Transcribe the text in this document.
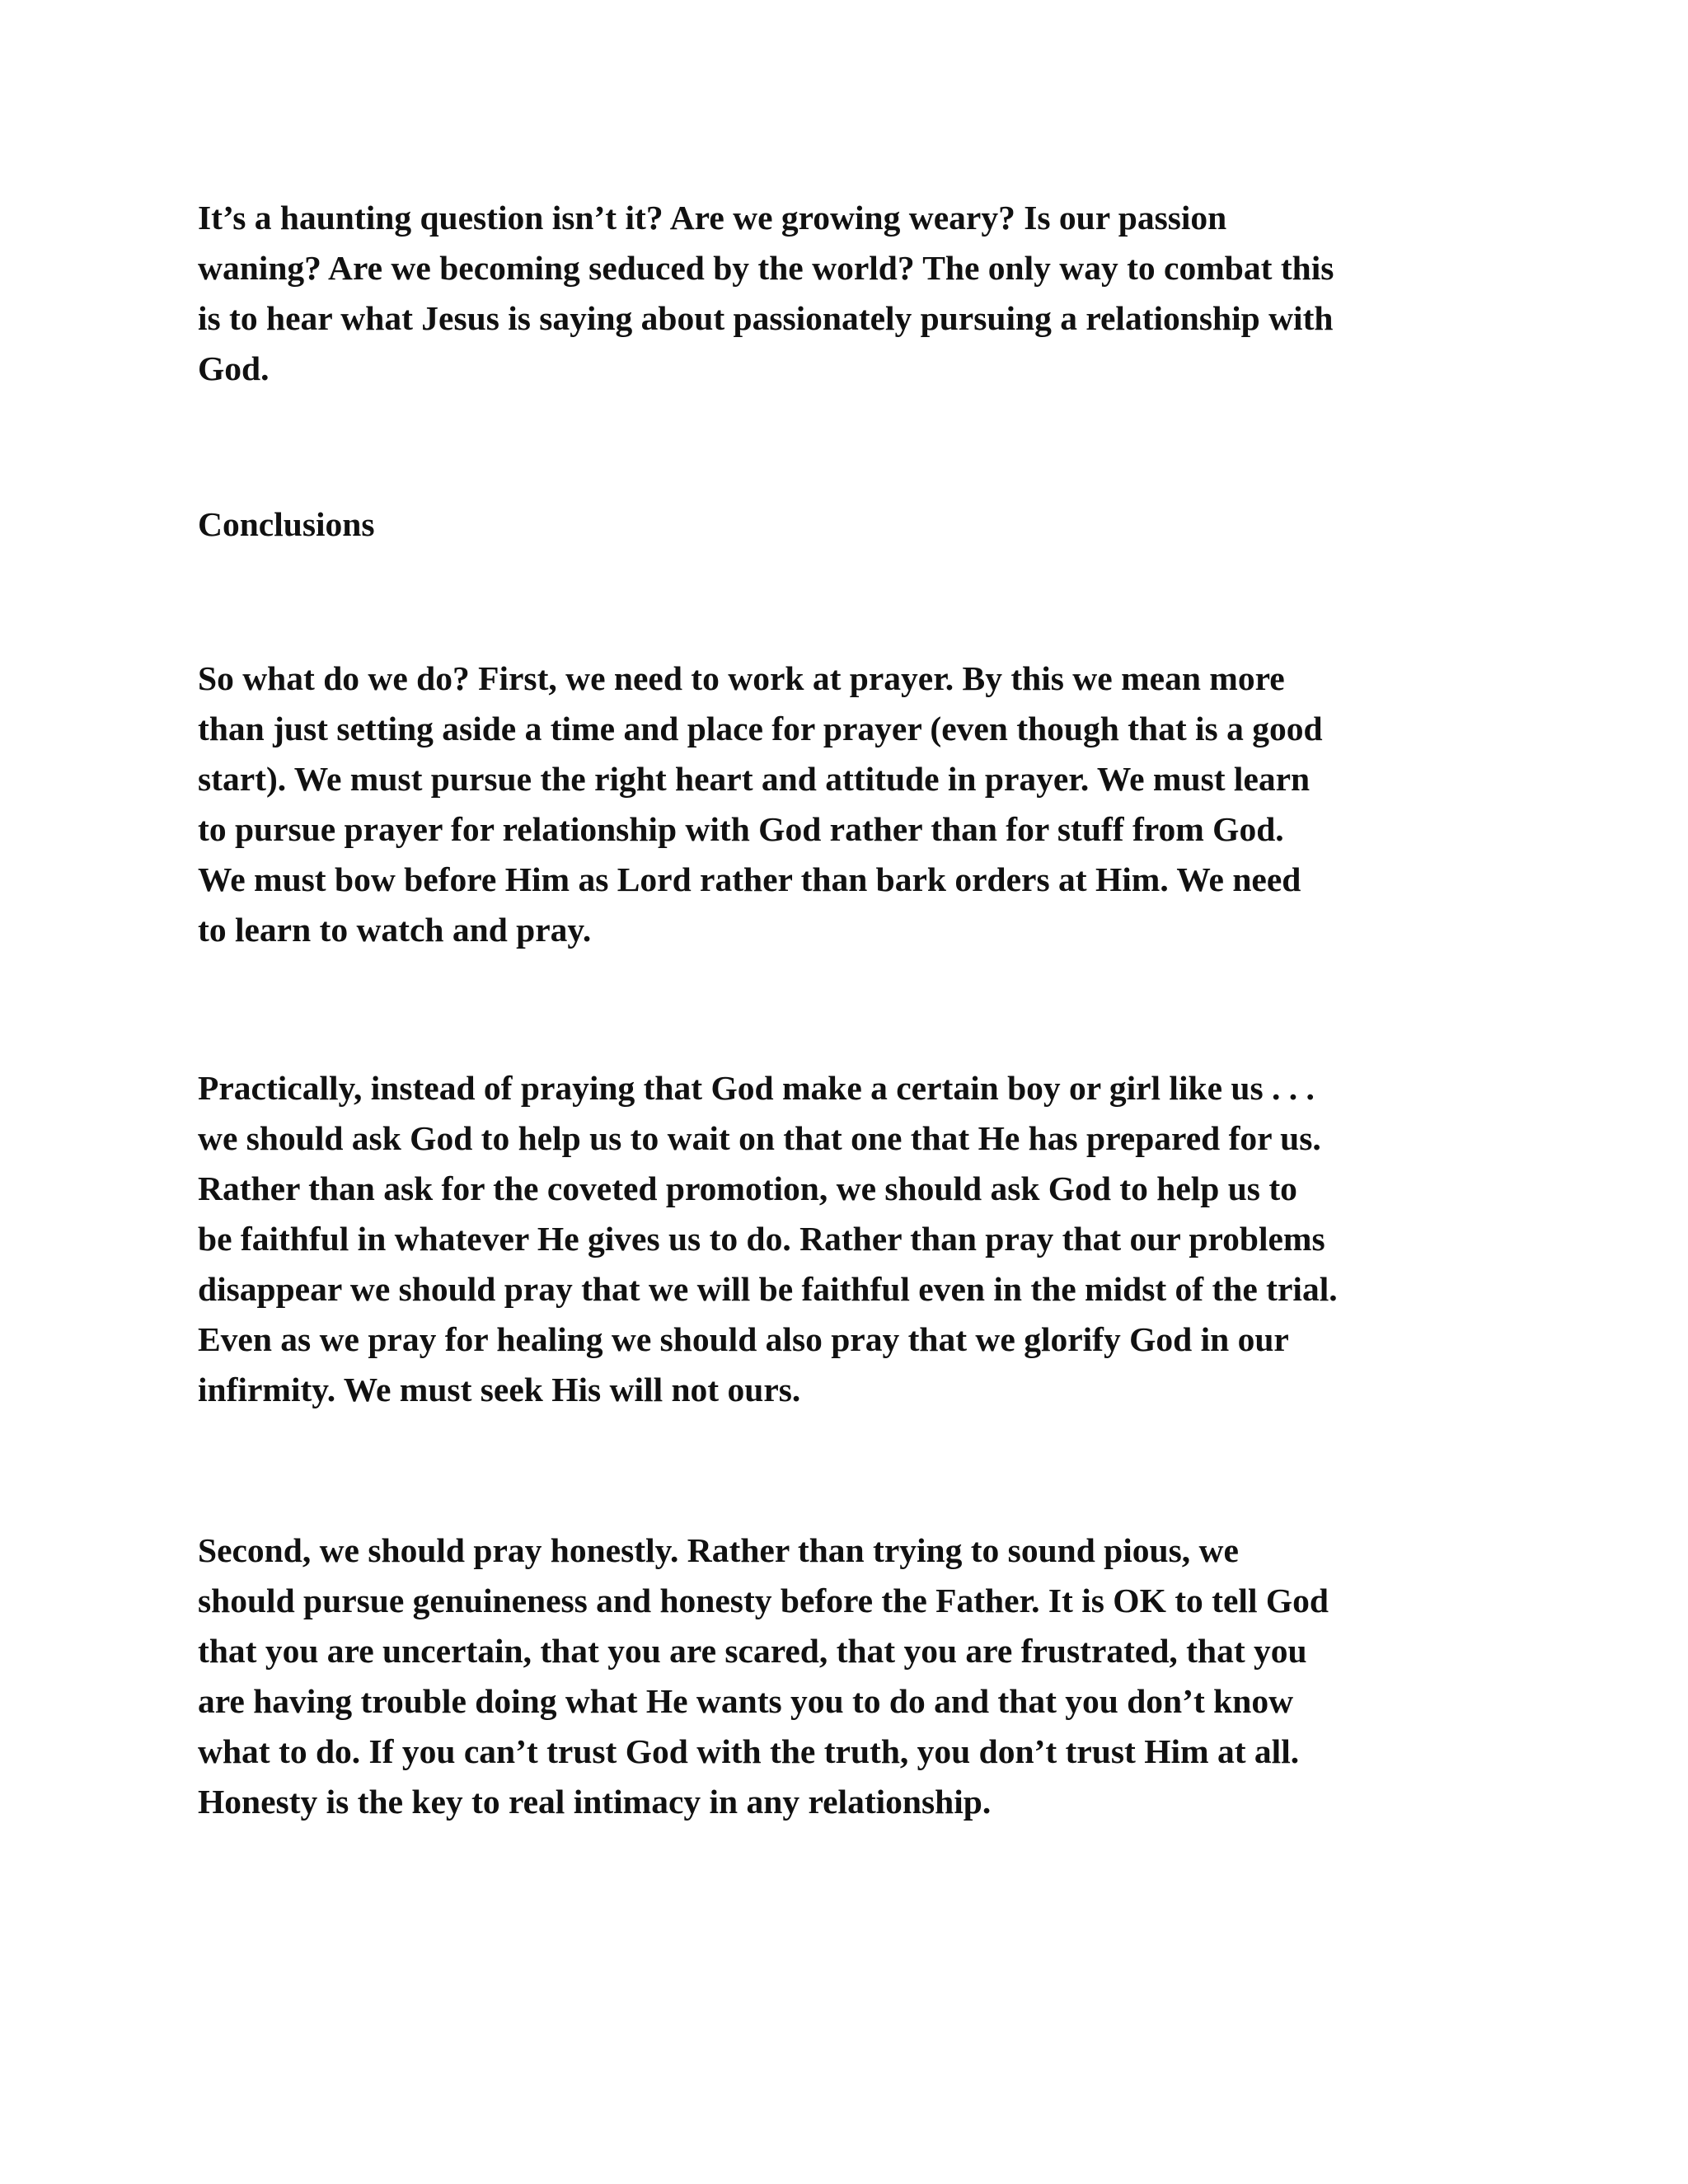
It’s a haunting question isn’t it? Are we growing weary? Is our passion
waning? Are we becoming seduced by the world? The only way to combat this
is to hear what Jesus is saying about passionately pursuing a relationship with
God.
Conclusions
So what do we do? First, we need to work at prayer. By this we mean more
than just setting aside a time and place for prayer (even though that is a good
start). We must pursue the right heart and attitude in prayer. We must learn
to pursue prayer for relationship with God rather than for stuff from God.
We must bow before Him as Lord rather than bark orders at Him. We need
to learn to watch and pray.
Practically, instead of praying that God make a certain boy or girl like us . . .
we should ask God to help us to wait on that one that He has prepared for us.
Rather than ask for the coveted promotion, we should ask God to help us to
be faithful in whatever He gives us to do. Rather than pray that our problems
disappear we should pray that we will be faithful even in the midst of the trial.
Even as we pray for healing we should also pray that we glorify God in our
infirmity. We must seek His will not ours.
Second, we should pray honestly. Rather than trying to sound pious, we
should pursue genuineness and honesty before the Father. It is OK to tell God
that you are uncertain, that you are scared, that you are frustrated, that you
are having trouble doing what He wants you to do and that you don’t know
what to do. If you can’t trust God with the truth, you don’t trust Him at all.
Honesty is the key to real intimacy in any relationship.
